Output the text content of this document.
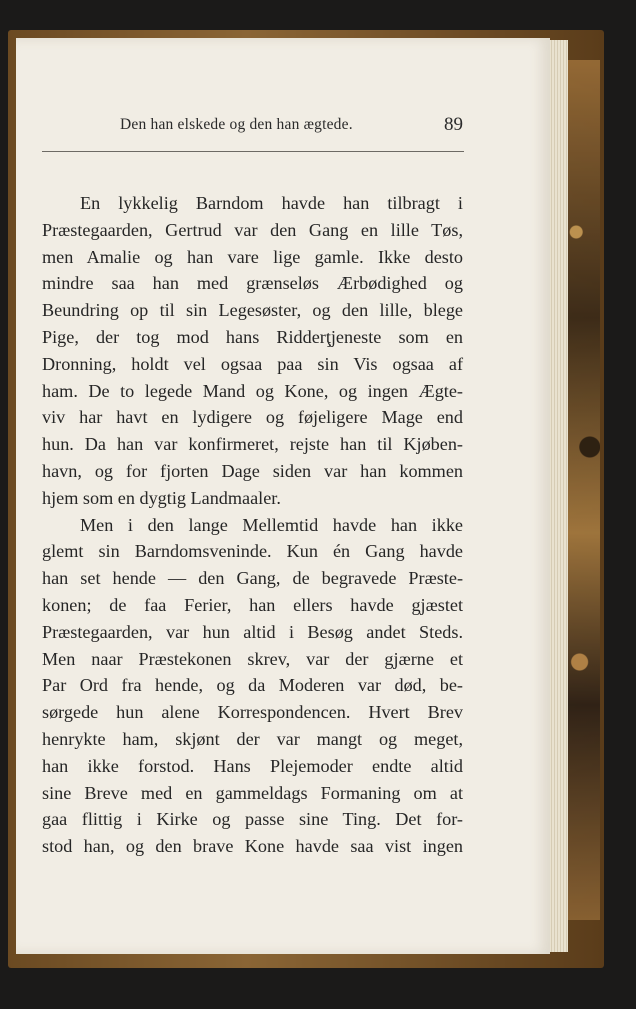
Den han elskede og den han ægtede.	89
En lykkelig Barndom havde han tilbragt i
Præstegaarden, Gertrud var den Gang en lille Tøs,
men Amalie og han vare lige gamle. Ikke desto
mindre saa han med grænseløs Ærbødighed og
Beundring op til sin Legesøster, og den lille, blege
Pige, der tog mod hans Ridderţjeneste som en
Dronning, holdt vel ogsaa paa sin Vis ogsaa af
ham. De to legede Mand og Kone, og ingen Ægte-
viv har havt en lydigere og føjeligere Mage end
hun. Da han var konfirmeret, rejste han til Kjøben-
havn, og for fjorten Dage siden var han kommen
hjem som en dygtig Landmaaler.
Men i den lange Mellemtid havde han ikke
glemt sin Barndomsveninde. Kun én Gang havde
han set hende — den Gang, de begravede Præste-
konen; de faa Ferier, han ellers havde gjæstet
Præstegaarden, var hun altid i Besøg andet Steds.
Men naar Præstekonen skrev, var der gjærne et
Par Ord fra hende, og da Moderen var død, be-
sørgede hun alene Korrespondencen. Hvert Brev
henrykte ham, skjønt der var mangt og meget,
han ikke forstod. Hans Plejemoder endte altid
sine Breve med en gammeldags Formaning om at
gaa flittig i Kirke og passe sine Ting. Det for-
stod han, og den brave Kone havde saa vist ingen
